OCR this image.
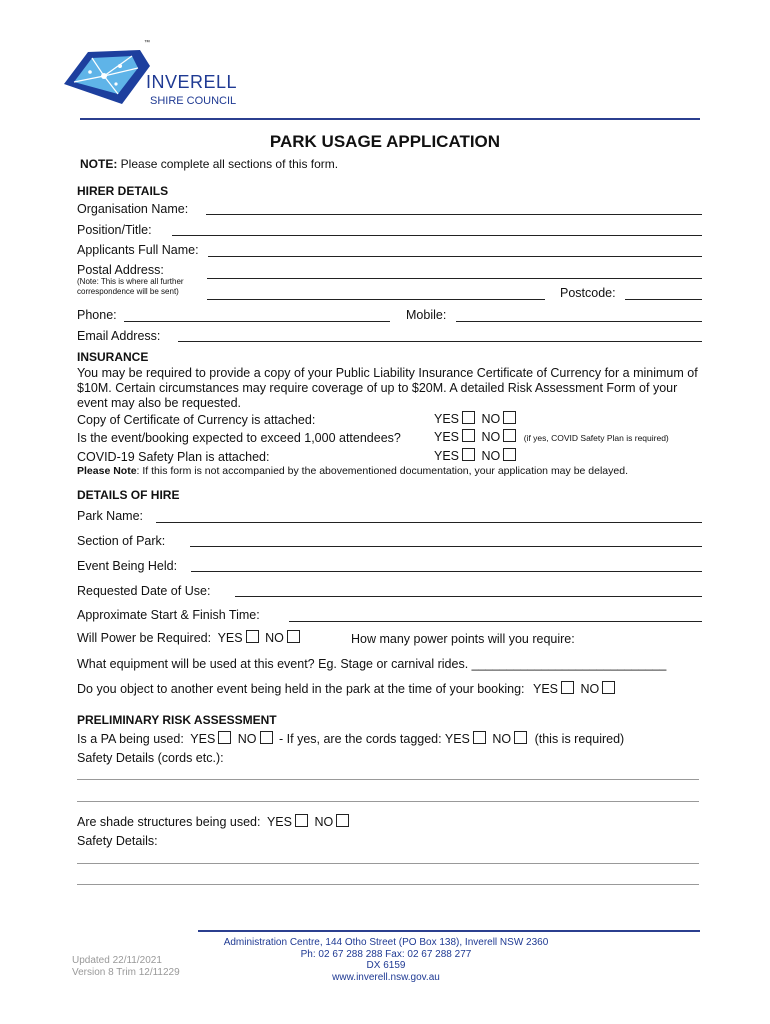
™
INVERELL
SHIRE COUNCIL
PARK USAGE APPLICATION
NOTE: Please complete all sections of this form.
HIRER DETAILS
Organisation Name:
Position/Title:
Applicants Full Name:
Postal Address:
(Note: This is where all further correspondence will be sent)	Postcode:
Phone:	Mobile:
Email Address:
INSURANCE
You may be required to provide a copy of your Public Liability Insurance Certificate of Currency for a minimum of $10M. Certain circumstances may require coverage of up to $20M. A detailed Risk Assessment Form of your event may also be requested.
Copy of Certificate of Currency is attached:	YES NO
Is the event/booking expected to exceed 1,000 attendees?	YES NO	(if yes, COVID Safety Plan is required)
COVID-19 Safety Plan is attached:	YES NO
Please Note: If this form is not accompanied by the abovementioned documentation, your application may be delayed.
DETAILS OF HIRE
Park Name:
Section of Park:
Event Being Held:
Requested Date of Use:
Approximate Start & Finish Time:
Will Power be Required: YES NO	How many power points will you require:
What equipment will be used at this event? Eg. Stage or carnival rides. ____________________________
Do you object to another event being held in the park at the time of your booking: YES NO
PRELIMINARY RISK ASSESSMENT
Is a PA being used: YES NO - If yes, are the cords tagged: YES NO (this is required)
Safety Details (cords etc.):
Are shade structures being used: YES NO
Safety Details:
Updated 22/11/2021
Version 8 Trim 12/11229
Administration Centre, 144 Otho Street (PO Box 138), Inverell NSW 2360
Ph: 02 67 288 288 Fax: 02 67 288 277
DX 6159
www.inverell.nsw.gov.au
